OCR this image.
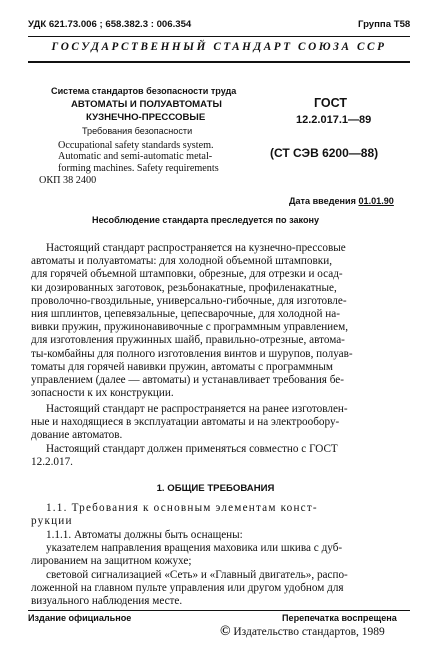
УДК 621.73.006 ; 658.382.3 : 006.354	Группа Т58
ГОСУДАРСТВЕННЫЙ СТАНДАРТ СОЮЗА ССР
Система стандартов безопасности труда
АВТОМАТЫ И ПОЛУАВТОМАТЫ
КУЗНЕЧНО-ПРЕССОВЫЕ
Требования безопасности
Occupational safety standards system.
Automatic and semi-automatic metal-
forming machines. Safety requirements
ОКП 38 2400
ГОСТ
12.2.017.1—89
(СТ СЭВ 6200—88)
Дата введения 01.01.90
Несоблюдение стандарта преследуется по закону
Настоящий стандарт распространяется на кузнечно-прессовые
автоматы и полуавтоматы: для холодной объемной штамповки,
для горячей объемной штамповки, обрезные, для отрезки и осад-
ки дозированных заготовок, резьбонакатные, профиленакатные,
проволочно-гвоздильные, универсально-гибочные, для изготовле-
ния шплинтов, цепевязальные, цепесварочные, для холодной на-
вивки пружин, пружинонавивочные с программным управлением,
для изготовления пружинных шайб, правильно-отрезные, автома-
ты-комбайны для полного изготовления винтов и шурупов, полуав-
томаты для горячей навивки пружин, автоматы с программным
управлением (далее — автоматы) и устанавливает требования бе-
зопасности к их конструкции.
Настоящий стандарт не распространяется на ранее изготовлен-
ные и находящиеся в эксплуатации автоматы и на электрообору-
дование автоматов.
Настоящий стандарт должен применяться совместно с ГОСТ
12.2.017.
1. ОБЩИЕ ТРЕБОВАНИЯ
1.1. Требования к основным элементам конст-
рукции
1.1.1. Автоматы должны быть оснащены:
указателем направления вращения маховика или шкива с дуб-
лированием на защитном кожухе;
световой сигнализацией «Сеть» и «Главный двигатель», распо-
ложенной на главном пульте управления или другом удобном для
визуального наблюдения месте.
Издание официальное	Перепечатка воспрещена
© Издательство стандартов, 1989
